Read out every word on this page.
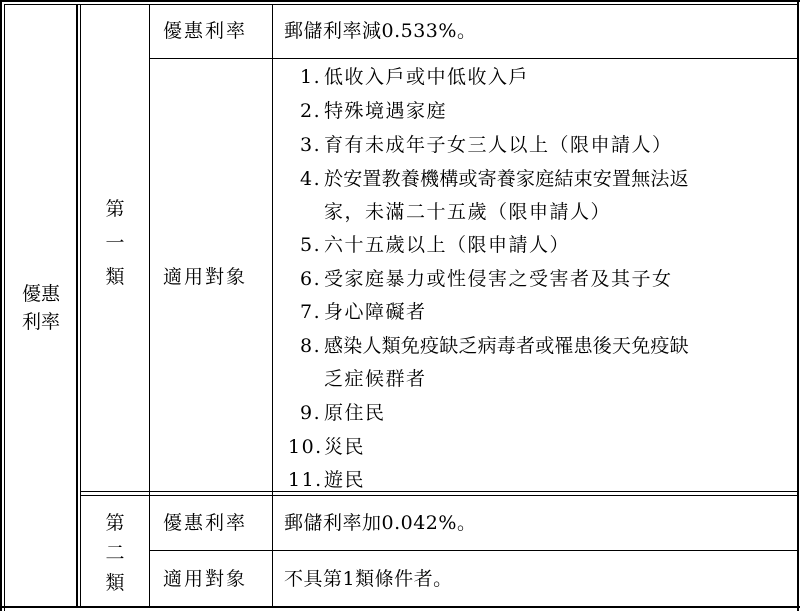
優惠
利率
第
一
類
優惠利率 郵儲利率減0.533%。
適用對象
1. 低收入戶或中低收入戶
2. 特殊境遇家庭
3. 育有未成年子女三人以上（限申請人）
4. 於安置教養機構或寄養家庭結束安置無法返
家，未滿二十五歲（限申請人）
5. 六十五歲以上（限申請人）
6. 受家庭暴力或性侵害之受害者及其子女
7. 身心障礙者
8. 感染人類免疫缺乏病毒者或罹患後天免疫缺
乏症候群者
9. 原住民
10. 災民
11. 遊民
第
二
類
優惠利率 郵儲利率加0.042%。
適用對象 不具第1類條件者。
